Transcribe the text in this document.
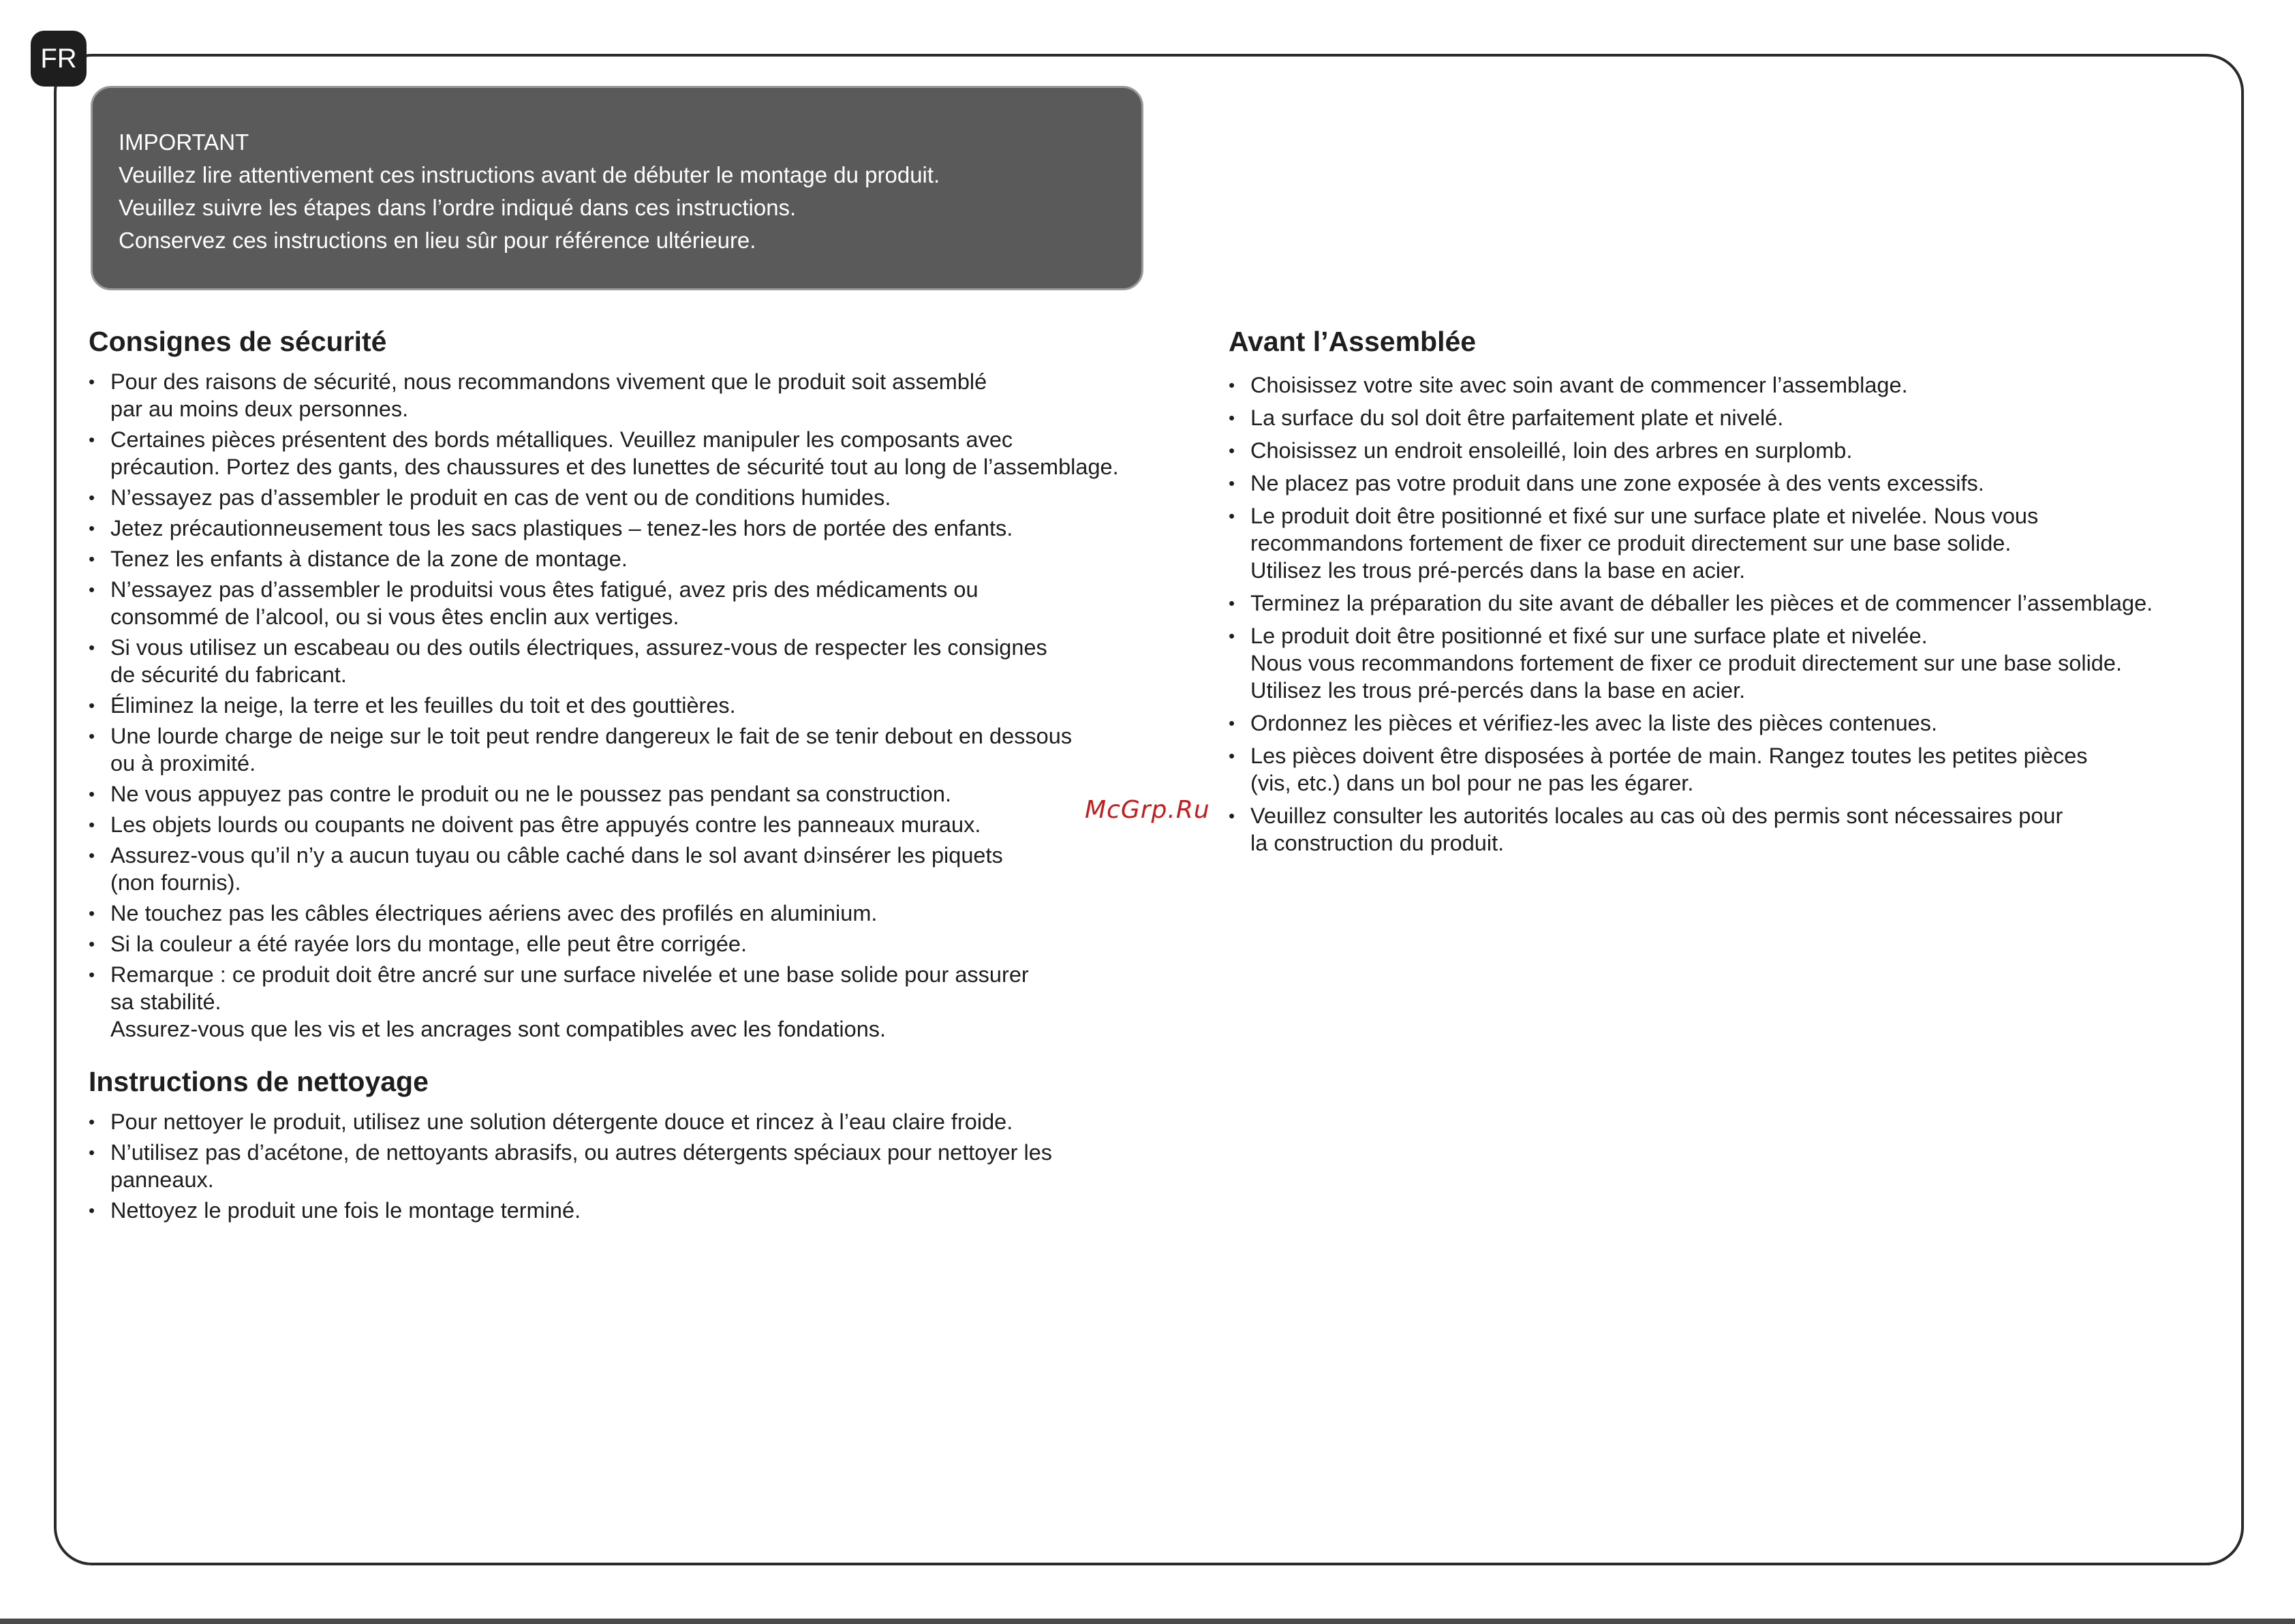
FR

IMPORTANT

Veuillez lire attentivement ces instructions avant de débuter le montage du produit.

Veuillez suivre les étapes dans l’ordre indiqué dans ces instructions.

Conservez ces instructions en lieu sûr pour référence ultérieure.

Consignes de sécurité
• Pour des raisons de sécurité, nous recommandons vivement que le produit soit assemblé
par au moins deux personnes.
• Certaines pièces présentent des bords métalliques. Veuillez manipuler les composants avec
précaution. Portez des gants, des chaussures et des lunettes de sécurité tout au long de l’assemblage.
• N’essayez pas d’assembler le produit en cas de vent ou de conditions humides.
• Jetez précautionneusement tous les sacs plastiques – tenez-les hors de portée des enfants.
• Tenez les enfants à distance de la zone de montage.
• N’essayez pas d’assembler le produitsi vous êtes fatigué, avez pris des médicaments ou
consommé de l’alcool, ou si vous êtes enclin aux vertiges.
• Si vous utilisez un escabeau ou des outils électriques, assurez-vous de respecter les consignes
de sécurité du fabricant.
• Éliminez la neige, la terre et les feuilles du toit et des gouttières.
• Une lourde charge de neige sur le toit peut rendre dangereux le fait de se tenir debout en dessous
ou à proximité.
• Ne vous appuyez pas contre le produit ou ne le poussez pas pendant sa construction.
• Les objets lourds ou coupants ne doivent pas être appuyés contre les panneaux muraux.
• Assurez-vous qu’il n’y a aucun tuyau ou câble caché dans le sol avant d›insérer les piquets
(non fournis).
• Ne touchez pas les câbles électriques aériens avec des profilés en aluminium.
• Si la couleur a été rayée lors du montage, elle peut être corrigée.
• Remarque : ce produit doit être ancré sur une surface nivelée et une base solide pour assurer
sa stabilité.
Assurez-vous que les vis et les ancrages sont compatibles avec les fondations.
Instructions de nettoyage
• Pour nettoyer le produit, utilisez une solution détergente douce et rincez à l’eau claire froide.
• N’utilisez pas d’acétone, de nettoyants abrasifs, ou autres détergents spéciaux pour nettoyer les
panneaux.
• Nettoyez le produit une fois le montage terminé.
Avant l’Assemblée
• Choisissez votre site avec soin avant de commencer l’assemblage.
• La surface du sol doit être parfaitement plate et nivelé.
• Choisissez un endroit ensoleillé, loin des arbres en surplomb.
• Ne placez pas votre produit dans une zone exposée à des vents excessifs.
• Le produit doit être positionné et fixé sur une surface plate et nivelée. Nous vous
recommandons fortement de fixer ce produit directement sur une base solide.
Utilisez les trous pré-percés dans la base en acier.
• Terminez la préparation du site avant de déballer les pièces et de commencer l’assemblage.
• Le produit doit être positionné et fixé sur une surface plate et nivelée.
Nous vous recommandons fortement de fixer ce produit directement sur une base solide.
Utilisez les trous pré-percés dans la base en acier.
• Ordonnez les pièces et vérifiez-les avec la liste des pièces contenues.
• Les pièces doivent être disposées à portée de main. Rangez toutes les petites pièces
(vis, etc.) dans un bol pour ne pas les égarer.
• Veuillez consulter les autorités locales au cas où des permis sont nécessaires pour
la construction du produit.
McGrp.Ru
